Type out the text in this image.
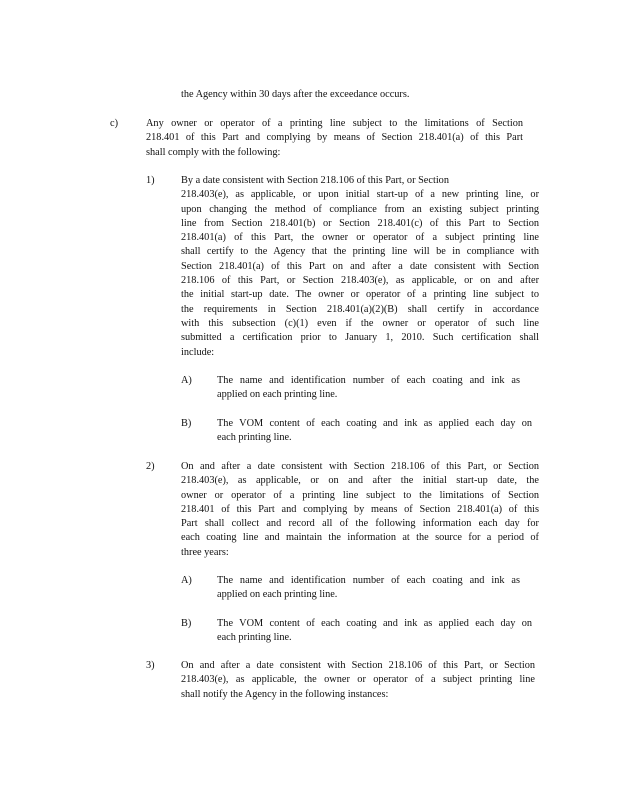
the Agency within 30 days after the exceedance occurs.
c)	Any owner or operator of a printing line subject to the limitations of Section
218.401 of this Part and complying by means of Section 218.401(a) of this Part
shall comply with the following:
1)	By a date consistent with Section 218.106 of this Part, or Section
218.403(e), as applicable, or upon initial start-up of a new printing line, or
upon changing the method of compliance from an existing subject printing
line from Section 218.401(b) or Section 218.401(c) of this Part to Section
218.401(a) of this Part, the owner or operator of a subject printing line
shall certify to the Agency that the printing line will be in compliance with
Section 218.401(a) of this Part on and after a date consistent with Section
218.106 of this Part, or Section 218.403(e), as applicable, or on and after
the initial start-up date. The owner or operator of a printing line subject to
the requirements in Section 218.401(a)(2)(B) shall certify in accordance
with this subsection (c)(1) even if the owner or operator of such line
submitted a certification prior to January 1, 2010. Such certification shall
include:
A) The name and identification number of each coating and ink as
applied on each printing line.
B) The VOM content of each coating and ink as applied each day on
each printing line.
2)	On and after a date consistent with Section 218.106 of this Part, or Section
218.403(e), as applicable, or on and after the initial start-up date, the
owner or operator of a printing line subject to the limitations of Section
218.401 of this Part and complying by means of Section 218.401(a) of this
Part shall collect and record all of the following information each day for
each coating line and maintain the information at the source for a period of
three years:
A) The name and identification number of each coating and ink as
applied on each printing line.
B) The VOM content of each coating and ink as applied each day on
each printing line.
3)	On and after a date consistent with Section 218.106 of this Part, or Section
218.403(e), as applicable, the owner or operator of a subject printing line
shall notify the Agency in the following instances:
